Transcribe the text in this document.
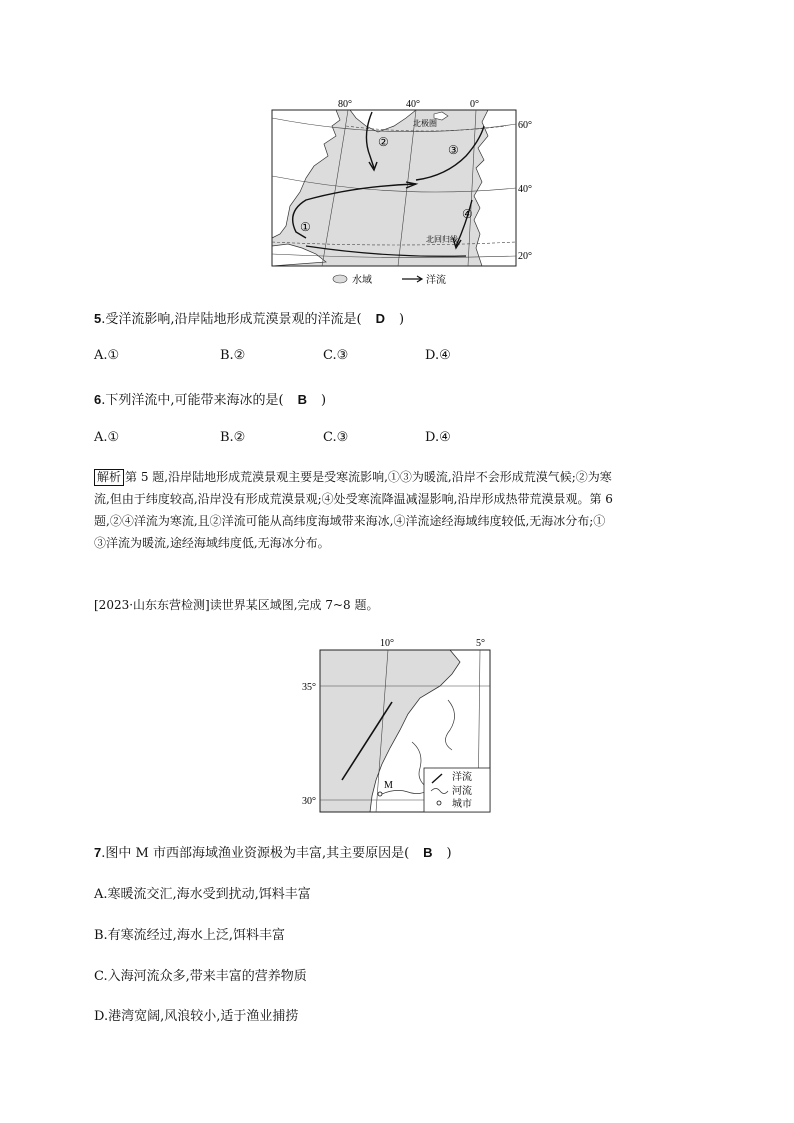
80°	40°	0°
60°
40°
20°
北极圈
北回归线
①
②
③
④
水域	洋流
5.受洋流影响,沿岸陆地形成荒漠景观的洋流是( D )
A.①	B.②	C.③	D.④
6.下列洋流中,可能带来海冰的是( B )
A.①	B.②	C.③	D.④
解析 第 5 题,沿岸陆地形成荒漠景观主要是受寒流影响,①③为暖流,沿岸不会形成荒漠气候;②为寒
流,但由于纬度较高,沿岸没有形成荒漠景观;④处受寒流降温减湿影响,沿岸形成热带荒漠景观。第 6
题,②④洋流为寒流,且②洋流可能从高纬度海域带来海冰,④洋流途经海域纬度较低,无海冰分布;①
③洋流为暖流,途经海域纬度低,无海冰分布。
[2023·山东东营检测]读世界某区域图,完成 7~8 题。
M
10°	5°
35°
30°
洋流
河流
城市
7.图中 M 市西部海域渔业资源极为丰富,其主要原因是( B )
A.寒暖流交汇,海水受到扰动,饵料丰富
B.有寒流经过,海水上泛,饵料丰富
C.入海河流众多,带来丰富的营养物质
D.港湾宽阔,风浪较小,适于渔业捕捞
